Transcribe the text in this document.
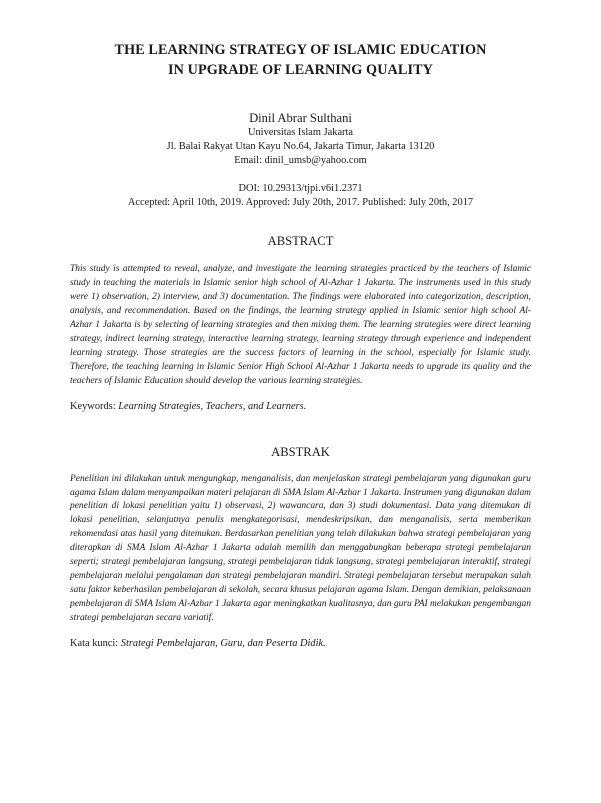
THE LEARNING STRATEGY OF ISLAMIC EDUCATION
IN UPGRADE OF LEARNING QUALITY
Dinil Abrar Sulthani
Universitas Islam Jakarta
Jl. Balai Rakyat Utan Kayu No.64, Jakarta Timur, Jakarta 13120
Email: dinil_umsb@yahoo.com
DOI: 10.29313/tjpi.v6i1.2371
Accepted: April 10th, 2019. Approved: July 20th, 2017. Published: July 20th, 2017
ABSTRACT
This study is attempted to reveal, analyze, and investigate the learning strategies practiced by the teachers of Islamic study in teaching the materials in Islamic senior high school of Al-Azhar 1 Jakarta. The instruments used in this study were 1) observation, 2) interview, and 3) documentation. The findings were elaborated into categorization, description, analysis, and recommendation. Based on the findings, the learning strategy applied in Islamic senior high school Al-Azhar 1 Jakarta is by selecting of learning strategies and then mixing them. The learning strategies were direct learning strategy, indirect learning strategy, interactive learning strategy, learning strategy through experience and independent learning strategy. Those strategies are the success factors of learning in the school, especially for Islamic study. Therefore, the teaching learning in Islamic Senior High School Al-Azhar 1 Jakarta needs to upgrade its quality and the teachers of Islamic Education should develop the various learning strategies.
Keywords: Learning Strategies, Teachers, and Learners.
ABSTRAK
Penelitian ini dilakukan untuk mengungkap, menganalisis, dan menjelaskan strategi pembelajaran yang digunakan guru agama Islam dalam menyampaikan materi pelajaran di SMA Islam Al-Azhar 1 Jakarta. Instrumen yang digunakan dalam penelitian di lokasi penelitian yaitu 1) observasi, 2) wawancara, dan 3) studi dokumentasi. Data yang ditemukan di lokasi penelitian, selanjutnya penulis mengkategorisasi, mendeskripsikan, dan menganalisis, serta memberikan rekomendasi atas hasil yang ditemukan. Berdasarkan penelitian yang telah dilakukan bahwa strategi pembelajaran yang diterapkan di SMA Islam Al-Azhar 1 Jakarta adalah memilih dan menggabungkan beberapa strategi pembelajaran seperti; strategi pembelajaran langsung, strategi pembelajaran tidak langsung, strategi pembelajaran interaktif, strategi pembelajaran melalui pengalaman dan strategi pembelajaran mandiri. Strategi pembelajaran tersebut merupakan salah satu faktor keberhasilan pembelajaran di sekolah, secara khusus pelajaran agama Islam. Dengan demikian, pelaksanaan pembelajaran di SMA Islam Al-Azhar 1 Jakarta agar meningkatkan kualitasnya, dan guru PAI melakukan pengembangan strategi pembelajaran secara variatif.
Kata kunci: Strategi Pembelajaran, Guru, dan Peserta Didik.
